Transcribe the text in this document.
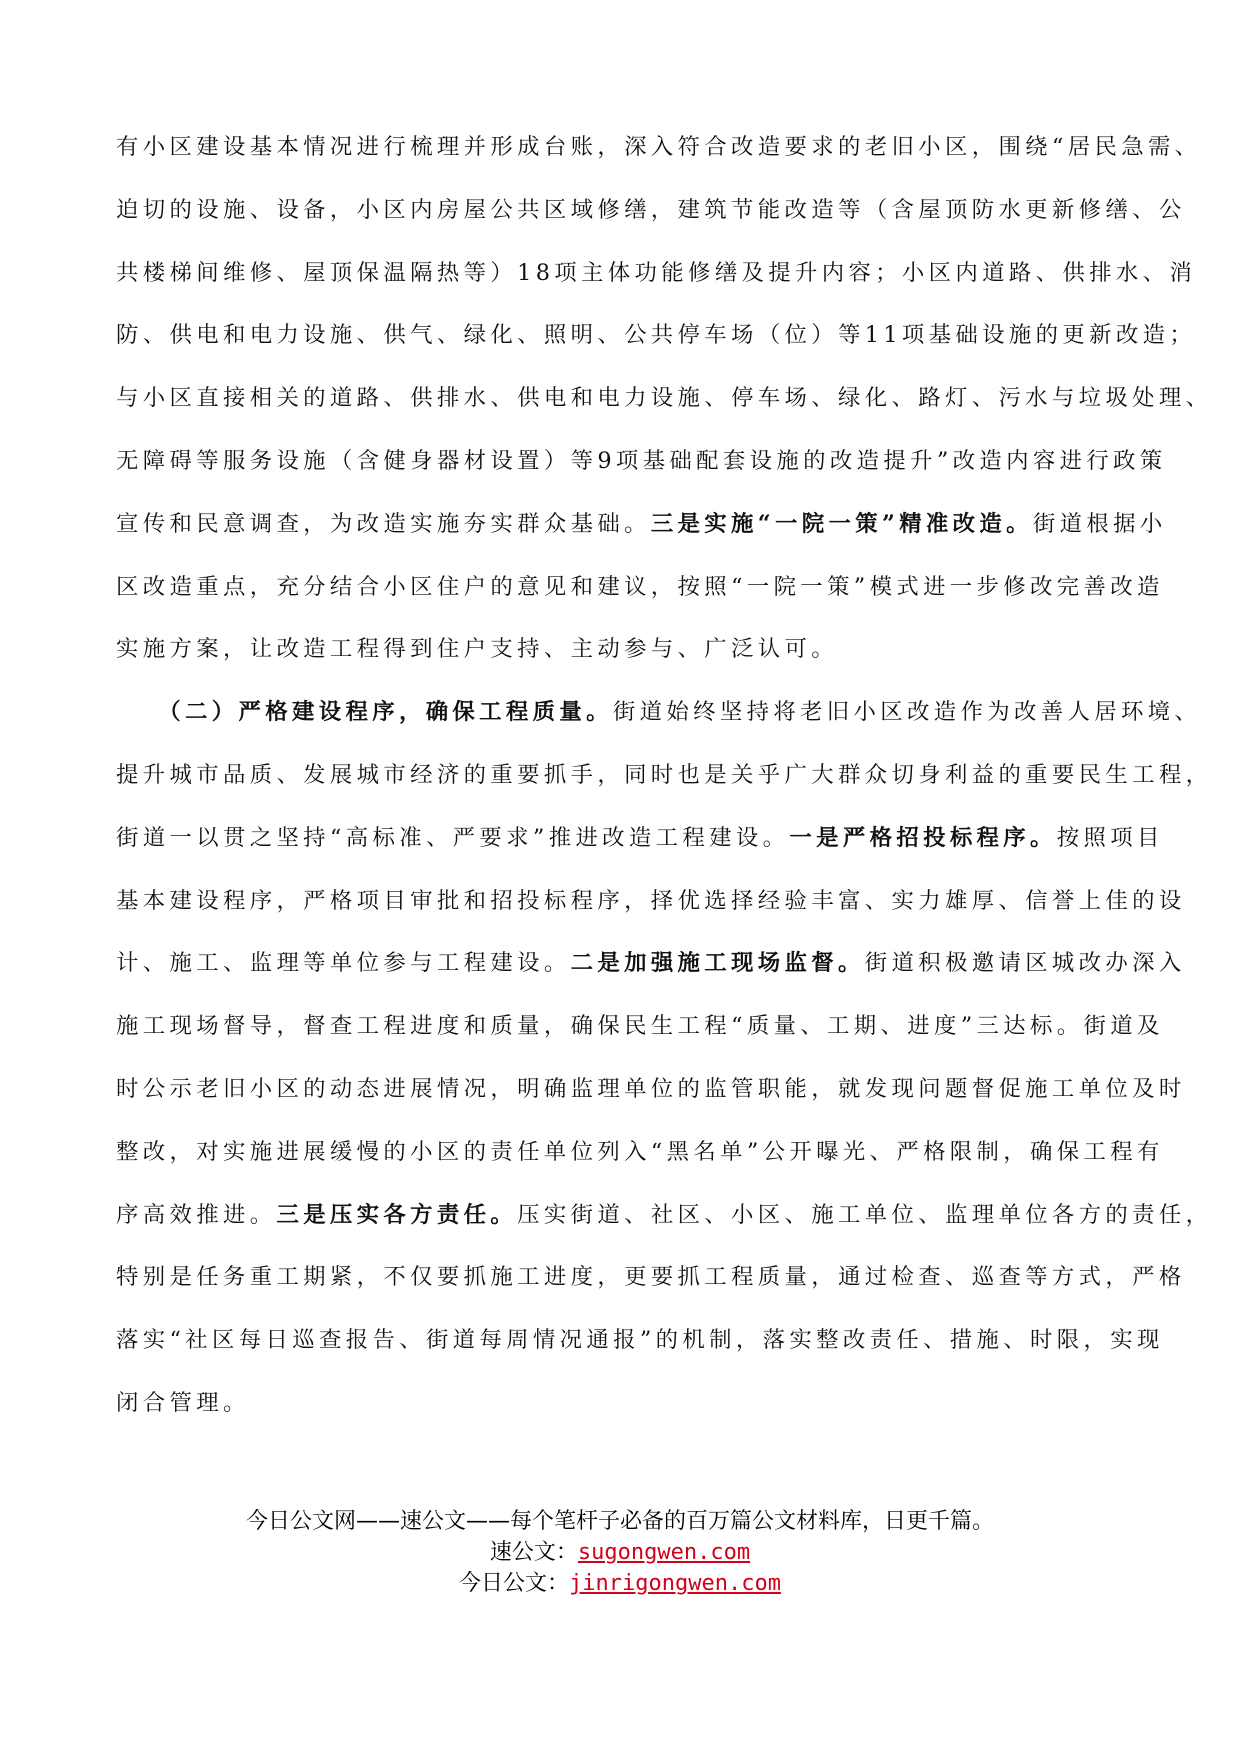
有小区建设基本情况进行梳理并形成台账，深入符合改造要求的老旧小区，围绕“居民急需、
迫切的设施、设备，小区内房屋公共区域修缮，建筑节能改造等（含屋顶防水更新修缮、公
共楼梯间维修、屋顶保温隔热等）18项主体功能修缮及提升内容；小区内道路、供排水、消
防、供电和电力设施、供气、绿化、照明、公共停车场（位）等11项基础设施的更新改造；
与小区直接相关的道路、供排水、供电和电力设施、停车场、绿化、路灯、污水与垃圾处理、
无障碍等服务设施（含健身器材设置）等9项基础配套设施的改造提升”改造内容进行政策
宣传和民意调查，为改造实施夯实群众基础。三是实施“一院一策”精准改造。街道根据小
区改造重点，充分结合小区住户的意见和建议，按照“一院一策”模式进一步修改完善改造
实施方案，让改造工程得到住户支持、主动参与、广泛认可。
　　（二）严格建设程序，确保工程质量。街道始终坚持将老旧小区改造作为改善人居环境、
提升城市品质、发展城市经济的重要抓手，同时也是关乎广大群众切身利益的重要民生工程，
街道一以贯之坚持“高标准、严要求”推进改造工程建设。一是严格招投标程序。按照项目
基本建设程序，严格项目审批和招投标程序，择优选择经验丰富、实力雄厚、信誉上佳的设
计、施工、监理等单位参与工程建设。二是加强施工现场监督。街道积极邀请区城改办深入
施工现场督导，督查工程进度和质量，确保民生工程“质量、工期、进度”三达标。街道及
时公示老旧小区的动态进展情况，明确监理单位的监管职能，就发现问题督促施工单位及时
整改，对实施进展缓慢的小区的责任单位列入“黑名单”公开曝光、严格限制，确保工程有
序高效推进。三是压实各方责任。压实街道、社区、小区、施工单位、监理单位各方的责任，
特别是任务重工期紧，不仅要抓施工进度，更要抓工程质量，通过检查、巡查等方式，严格
落实“社区每日巡查报告、街道每周情况通报”的机制，落实整改责任、措施、时限，实现
闭合管理。
今日公文网——速公文——每个笔杆子必备的百万篇公文材料库，日更千篇。
速公文：sugongwen.com
今日公文：jinrigongwen.com
